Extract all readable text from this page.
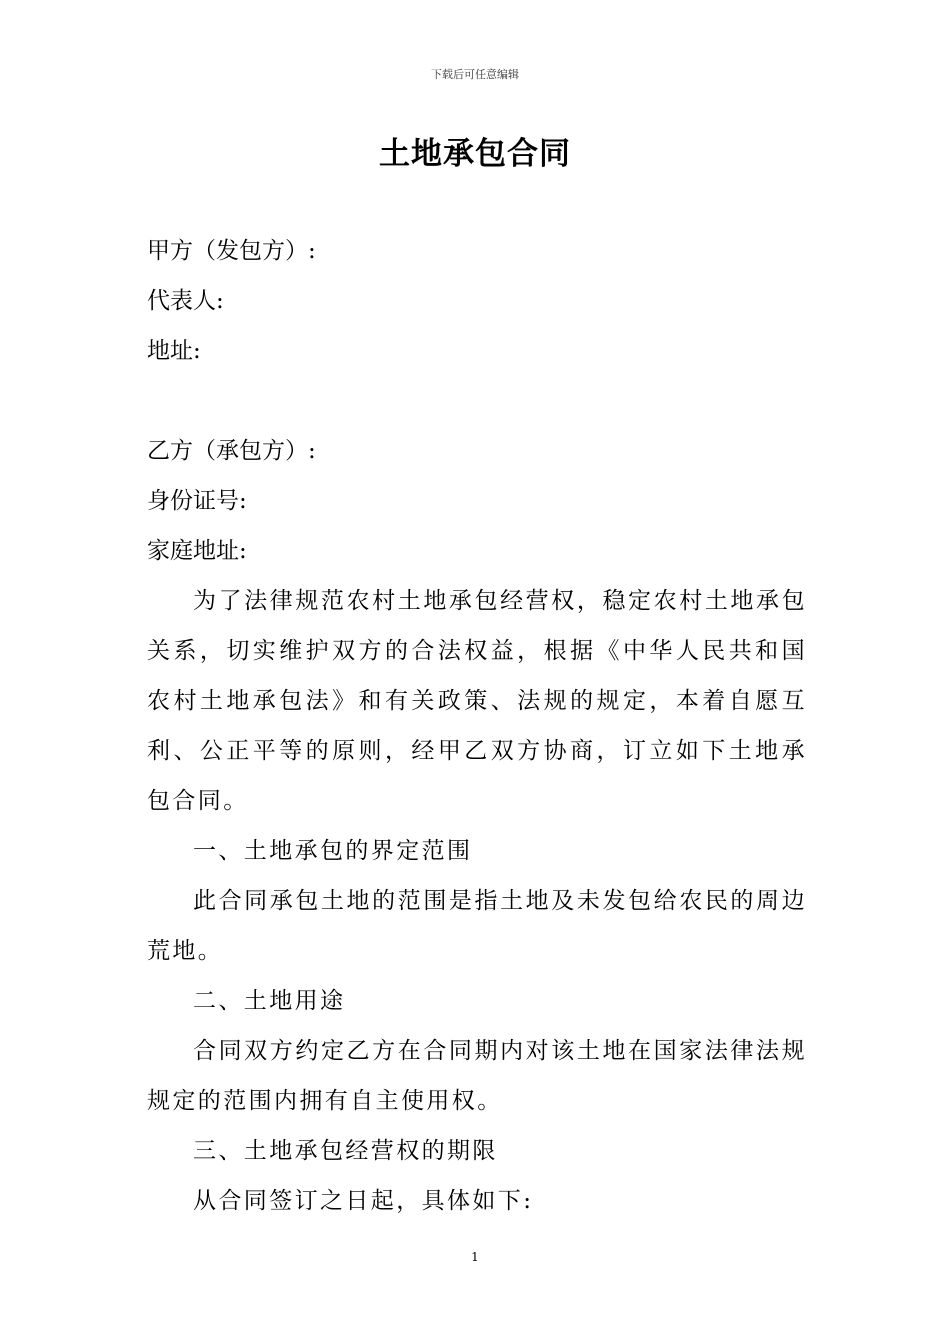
下载后可任意编辑
土地承包合同

甲方（发包方）:

代表人:

地址:

乙方（承包方）:

身份证号:

家庭地址:

为了法律规范农村土地承包经营权，稳定农村土地承包关系，切实维护双方的合法权益，根据《中华人民共和国农村土地承包法》和有关政策、法规的规定，本着自愿互利、公正平等的原则，经甲乙双方协商，订立如下土地承包合同。

一、土地承包的界定范围

此合同承包土地的范围是指土地及未发包给农民的周边荒地。

二、土地用途

合同双方约定乙方在合同期内对该土地在国家法律法规规定的范围内拥有自主使用权。

三、土地承包经营权的期限

从合同签订之日起，具体如下:

1
